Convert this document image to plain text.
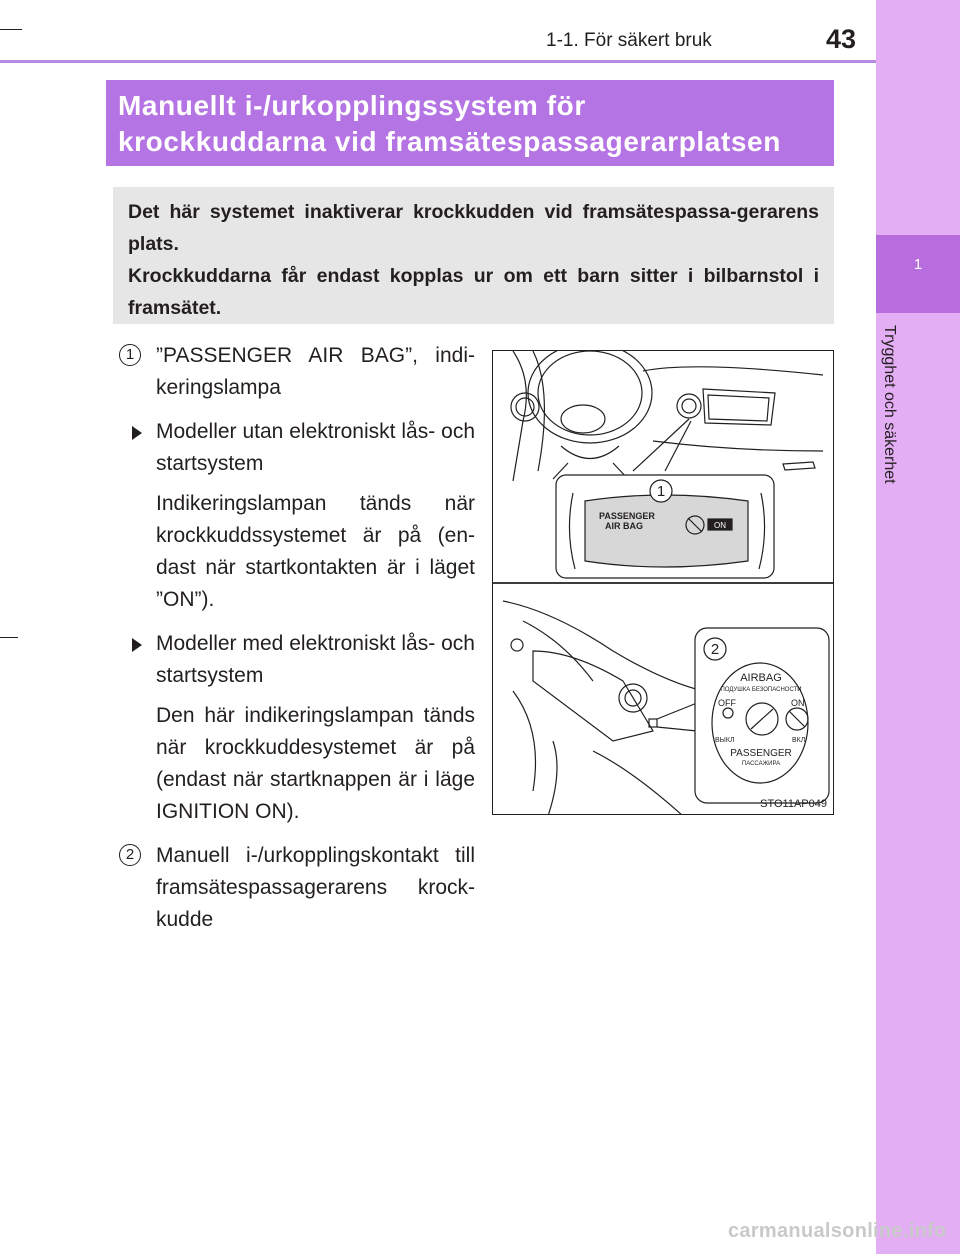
1
Trygghet och säkerhet
1-1. För säkert bruk	43
Manuellt i-/urkopplingssystem för
krockkuddarna vid framsätespassagerarplatsen

Det här systemet inaktiverar krockkudden vid framsätespassa-gerarens plats.

Krockkuddarna får endast kopplas ur om ett barn sitter i bilbarnstol i framsätet.

1	”PASSENGER AIR BAG”, indi-keringslampa
Modeller utan elektroniskt lås- och startsystem

Indikeringslampan tänds när krockkuddssystemet är på (en-dast när startkontakten är i läget ”ON”).

Modeller med elektroniskt lås- och startsystem

Den här indikeringslampan tänds när krockkuddesystemet är på (endast när startknappen är i läge IGNITION ON).

2	Manuell i-/urkopplingskontakt till framsätespassagerarens krock-kudde
1
PASSENGER
AIR BAG	ON
2
AIRBAG
ПОДУШКА БЕЗОПАСНОСТИ
OFF	ON
ВЫКЛ	ВКЛ
PASSENGER
ПАССАЖИРА
STO11AP049
carmanualsonline.info
